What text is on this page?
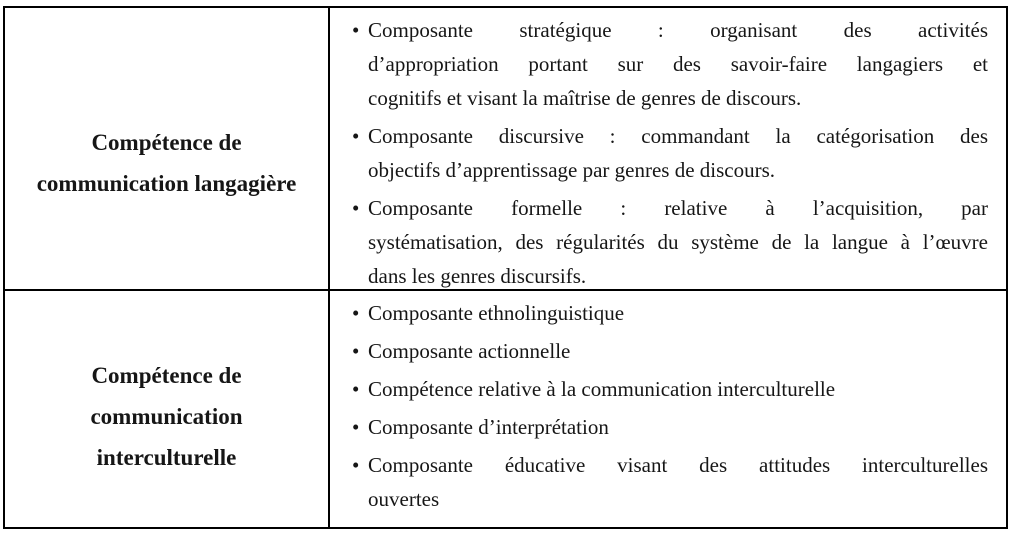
Compétence de
communication langagière
• Composante stratégique : organisant des activités
d’appropriation portant sur des savoir-faire langagiers et
cognitifs et visant la maîtrise de genres de discours.
• Composante discursive : commandant la catégorisation des
objectifs d’apprentissage par genres de discours.
• Composante formelle : relative à l’acquisition, par
systématisation, des régularités du système de la langue à l’œuvre
dans les genres discursifs.
Compétence de
communication
interculturelle
• Composante ethnolinguistique
• Composante actionnelle
• Compétence relative à la communication interculturelle
• Composante d’interprétation
• Composante éducative visant des attitudes interculturelles
ouvertes
